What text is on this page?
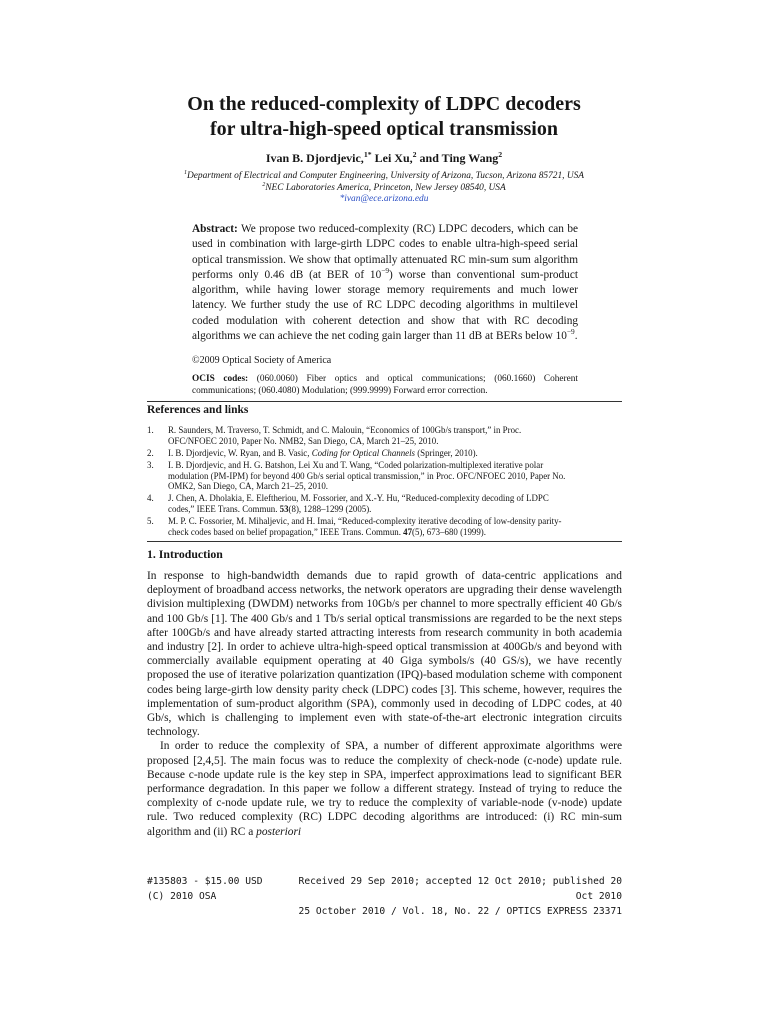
On the reduced-complexity of LDPC decoders
for ultra-high-speed optical transmission
Ivan B. Djordjevic,$^{1*}$ Lei Xu,$^2$ and Ting Wang$^2$
$^1$Department of Electrical and Computer Engineering, University of Arizona, Tucson, Arizona 85721, USA
$^2$NEC Laboratories America, Princeton, New Jersey 08540, USA
*ivan@ece.arizona.edu
Abstract: We propose two reduced-complexity (RC) LDPC decoders, which can be used in combination with large-girth LDPC codes to enable ultra-high-speed serial optical transmission. We show that optimally attenuated RC min-sum sum algorithm performs only 0.46 dB (at BER of $10^{-9}$) worse than conventional sum-product algorithm, while having lower storage memory requirements and much lower latency. We further study the use of RC LDPC decoding algorithms in multilevel coded modulation with coherent detection and show that with RC decoding algorithms we can achieve the net coding gain larger than 11 dB at BERs below $10^{-9}$.
©2009 Optical Society of America
OCIS codes: (060.0060) Fiber optics and optical communications; (060.1660) Coherent communications; (060.4080) Modulation; (999.9999) Forward error correction.
References and links
1. R. Saunders, M. Traverso, T. Schmidt, and C. Malouin, “Economics of 100Gb/s transport,” in Proc.
OFC/NFOEC 2010, Paper No. NMB2, San Diego, CA, March 21–25, 2010.
2. I. B. Djordjevic, W. Ryan, and B. Vasic, Coding for Optical Channels (Springer, 2010).
3. I. B. Djordjevic, and H. G. Batshon, Lei Xu and T. Wang, “Coded polarization-multiplexed iterative polar
modulation (PM-IPM) for beyond 400 Gb/s serial optical transmission,” in Proc. OFC/NFOEC 2010, Paper No.
OMK2, San Diego, CA, March 21–25, 2010.
4. J. Chen, A. Dholakia, E. Eleftheriou, M. Fossorier, and X.-Y. Hu, “Reduced-complexity decoding of LDPC
codes,” IEEE Trans. Commun. 53(8), 1288–1299 (2005).
5. M. P. C. Fossorier, M. Mihaljevic, and H. Imai, “Reduced-complexity iterative decoding of low-density parity-
check codes based on belief propagation,” IEEE Trans. Commun. 47(5), 673–680 (1999).
1. Introduction

In response to high-bandwidth demands due to rapid growth of data-centric applications and deployment of broadband access networks, the network operators are upgrading their dense wavelength division multiplexing (DWDM) networks from 10Gb/s per channel to more spectrally efficient 40 Gb/s and 100 Gb/s [1]. The 400 Gb/s and 1 Tb/s serial optical transmissions are regarded to be the next steps after 100Gb/s and have already started attracting interests from research community in both academia and industry [2]. In order to achieve ultra-high-speed optical transmission at 400Gb/s and beyond with commercially available equipment operating at 40 Giga symbols/s (40 GS/s), we have recently proposed the use of iterative polarization quantization (IPQ)-based modulation scheme with component codes being large-girth low density parity check (LDPC) codes [3]. This scheme, however, requires the implementation of sum-product algorithm (SPA), commonly used in decoding of LDPC codes, at 40 Gb/s, which is challenging to implement even with state-of-the-art electronic integration circuits technology.

In order to reduce the complexity of SPA, a number of different approximate algorithms were proposed [2,4,5]. The main focus was to reduce the complexity of check-node (c-node) update rule. Because c-node update rule is the key step in SPA, imperfect approximations lead to significant BER performance degradation. In this paper we follow a different strategy. Instead of trying to reduce the complexity of c-node update rule, we try to reduce the complexity of variable-node (v-node) update rule. Two reduced complexity (RC) LDPC decoding algorithms are introduced: (i) RC min-sum algorithm and (ii) RC a posteriori

#135803 - $15.00 USD
(C) 2010 OSA
Received 29 Sep 2010; accepted 12 Oct 2010; published 20 Oct 2010
25 October 2010 / Vol. 18, No. 22 / OPTICS EXPRESS 23371
